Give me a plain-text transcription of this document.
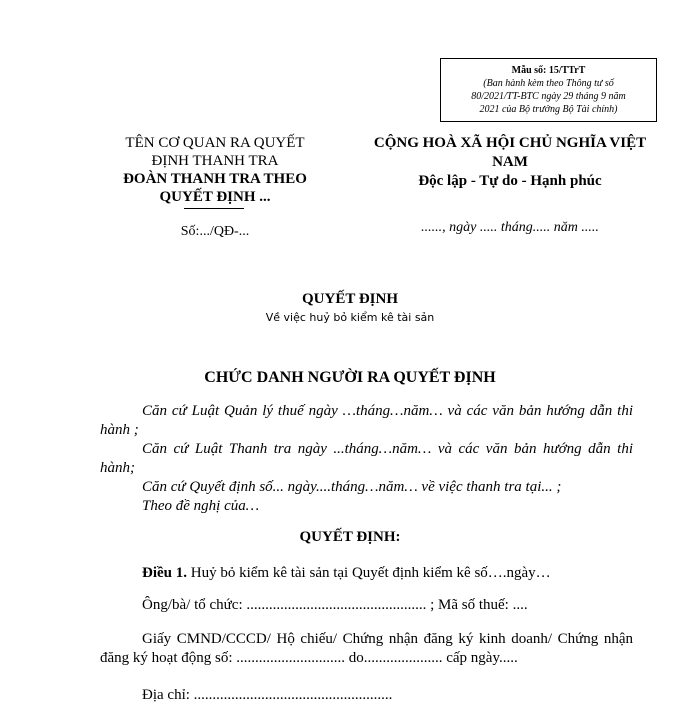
Mẫu số: 15/TTrT
(Ban hành kèm theo Thông tư số
80/2021/TT-BTC ngày 29 tháng 9 năm
2021 của Bộ trưởng Bộ Tài chính)
TÊN CƠ QUAN RA QUYẾT
ĐỊNH THANH TRA
ĐOÀN THANH TRA THEO
QUYẾT ĐỊNH ...
Số:.../QĐ-...
CỘNG HOÀ XÃ HỘI CHỦ NGHĨA VIỆT NAM
Độc lập - Tự do - Hạnh phúc
......, ngày ..... tháng..... năm .....
QUYẾT ĐỊNH
Về việc huỷ bỏ kiểm kê tài sản
CHỨC DANH NGƯỜI RA QUYẾT ĐỊNH

Căn cứ Luật Quản lý thuế ngày …tháng…năm… và các văn bản hướng dẫn thi hành ;

Căn cứ Luật Thanh tra ngày ...tháng…năm… và các văn bản hướng dẫn thi hành;

Căn cứ Quyết định số... ngày....tháng…năm… về việc thanh tra tại... ;

Theo đề nghị của…

QUYẾT ĐỊNH:

Điều 1. Huỷ bỏ kiểm kê tài sản tại Quyết định kiểm kê số….ngày…

Ông/bà/ tổ chức: ................................................ ; Mã số thuế: ....

Giấy CMND/CCCD/ Hộ chiếu/ Chứng nhận đăng ký kinh doanh/ Chứng nhận đăng ký hoạt động số: ............................. do..................... cấp ngày.....

Địa chỉ: .....................................................
